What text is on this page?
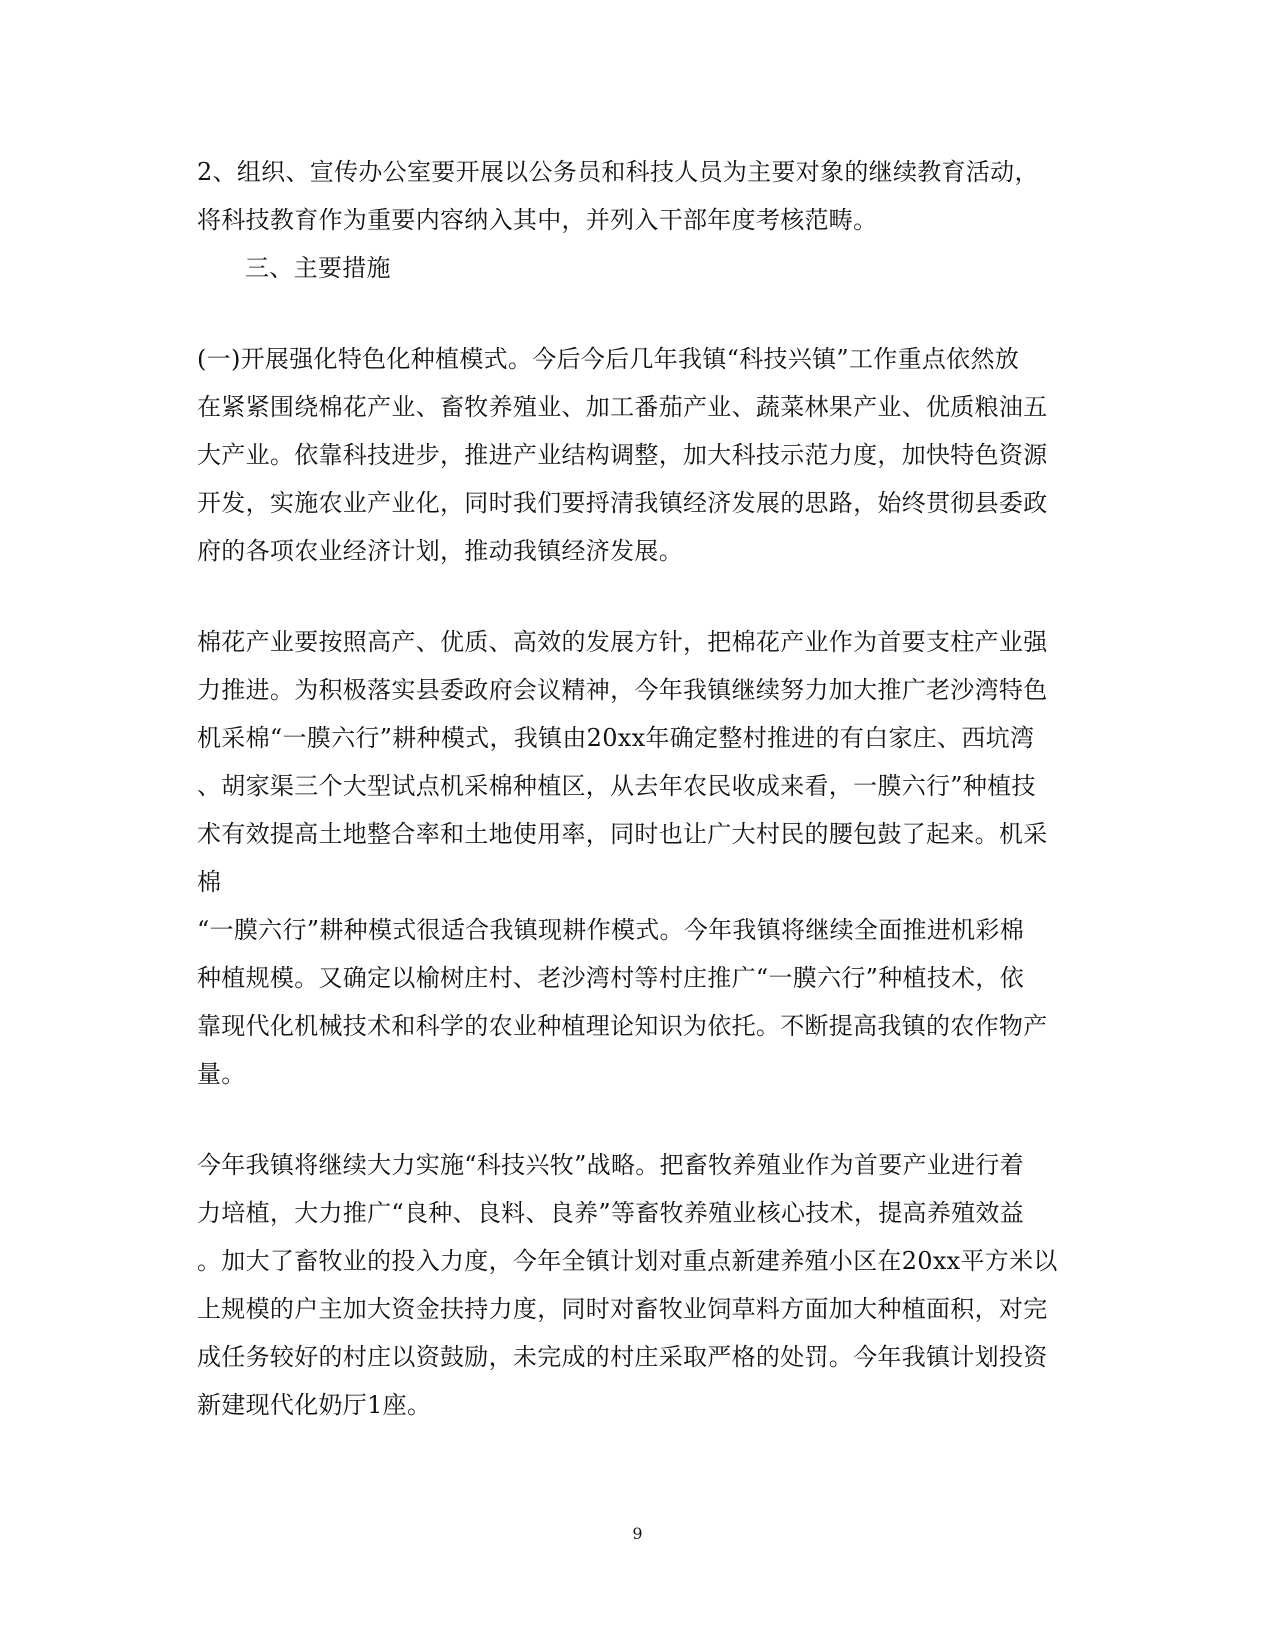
2、组织、宣传办公室要开展以公务员和科技人员为主要对象的继续教育活动，
将科技教育作为重要内容纳入其中，并列入干部年度考核范畴。
三、主要措施
(一)开展强化特色化种植模式。今后今后几年我镇“科技兴镇”工作重点依然放
在紧紧围绕棉花产业、畜牧养殖业、加工番茄产业、蔬菜林果产业、优质粮油五
大产业。依靠科技进步，推进产业结构调整，加大科技示范力度，加快特色资源
开发，实施农业产业化，同时我们要捋清我镇经济发展的思路，始终贯彻县委政
府的各项农业经济计划，推动我镇经济发展。
棉花产业要按照高产、优质、高效的发展方针，把棉花产业作为首要支柱产业强
力推进。为积极落实县委政府会议精神，今年我镇继续努力加大推广老沙湾特色
机采棉“一膜六行”耕种模式，我镇由20xx年确定整村推进的有白家庄、西坑湾
、胡家渠三个大型试点机采棉种植区，从去年农民收成来看，一膜六行”种植技
术有效提高土地整合率和土地使用率，同时也让广大村民的腰包鼓了起来。机采
棉
“一膜六行”耕种模式很适合我镇现耕作模式。今年我镇将继续全面推进机彩棉
种植规模。又确定以榆树庄村、老沙湾村等村庄推广“一膜六行”种植技术，依
靠现代化机械技术和科学的农业种植理论知识为依托。不断提高我镇的农作物产
量。
今年我镇将继续大力实施“科技兴牧”战略。把畜牧养殖业作为首要产业进行着
力培植，大力推广“良种、良料、良养”等畜牧养殖业核心技术，提高养殖效益
。加大了畜牧业的投入力度，今年全镇计划对重点新建养殖小区在20xx平方米以
上规模的户主加大资金扶持力度，同时对畜牧业饲草料方面加大种植面积，对完
成任务较好的村庄以资鼓励，未完成的村庄采取严格的处罚。今年我镇计划投资
新建现代化奶厅1座。
9
